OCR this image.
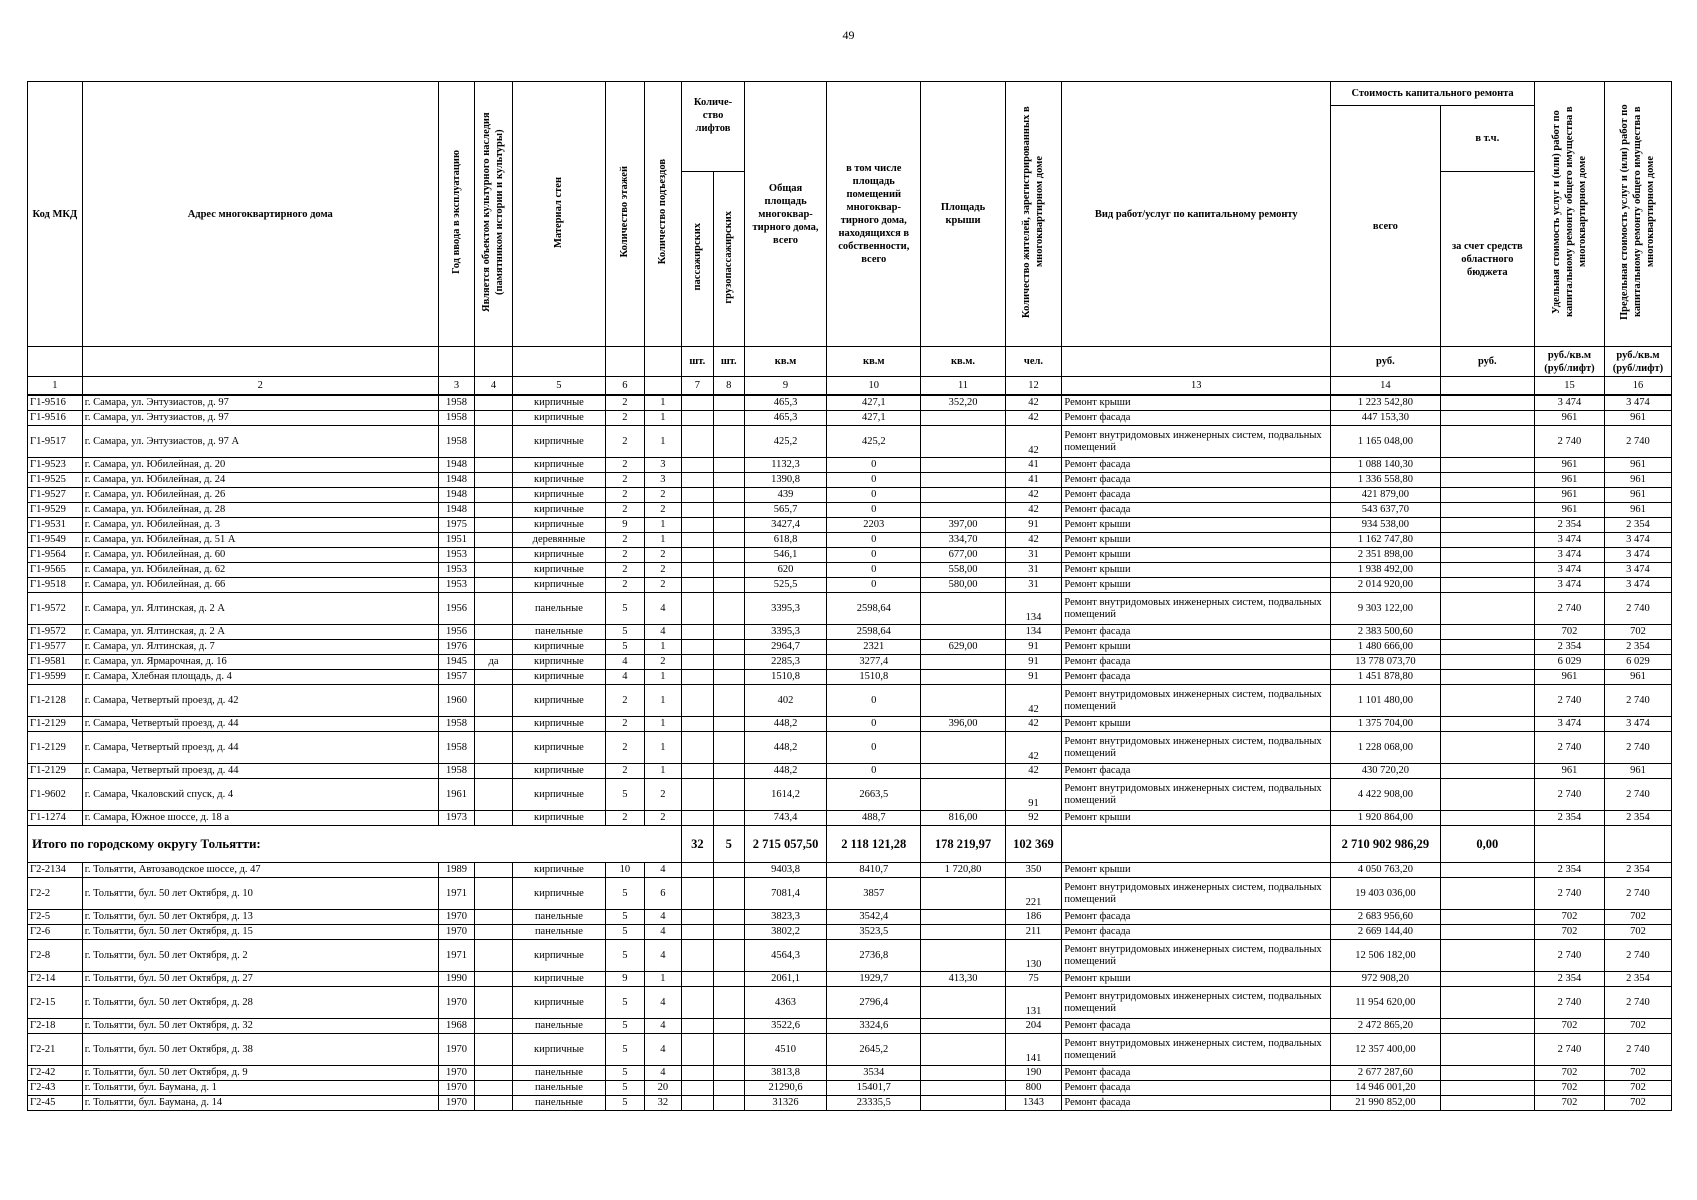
49
Код МКД	Адрес многоквартирного дома	Год ввода в эксплуатацию	Является объектом культурного наследия (памятником истории и культуры)	Материал стен	Количество этажей	Количество подъездов	Количе-ство лифтов		Общая площадь многоквар-тирного дома, всего	в том числе площадь помещений многоквар-тирного дома, находящихся в собственности, всего	Площадь крыши	Количество жителей, зарегистрированных в многоквартирном доме	Вид работ/услуг по капитальному ремонту	Стоимость капитального ремонта		Удельная стоимость услуг и (или) работ по капитальному ремонту общего имущества в многоквартирном доме	Предельная стоимость услуг и (или) работ по капитальному ремонту общего имущества в многоквартирном доме
														всего	в т.ч.		
							пассажирских	грузопассажирских							за счет средств областного бюджета		
							шт.	шт.	кв.м	кв.м	кв.м.	чел.		руб.	руб.	руб./кв.м (руб/лифт)	руб./кв.м (руб/лифт)
1	2	3	4	5	6		7	8	9	10	11	12	13	14		15	16
Г1-9516	г. Самара, ул. Энтузиастов, д. 97	1958		кирпичные	2	1			465,3	427,1	352,20	42	Ремонт крыши	1 223 542,80		3 474	3 474
Г1-9516	г. Самара, ул. Энтузиастов, д. 97	1958		кирпичные	2	1			465,3	427,1		42	Ремонт фасада	447 153,30		961	961
Г1-9517	г. Самара, ул. Энтузиастов, д. 97 А	1958		кирпичные	2	1			425,2	425,2		42	Ремонт внутридомовых инженерных систем, подвальных помещений	1 165 048,00		2 740	2 740
Г1-9523	г. Самара, ул. Юбилейная, д. 20	1948		кирпичные	2	3			1132,3	0		41	Ремонт фасада	1 088 140,30		961	961
Г1-9525	г. Самара, ул. Юбилейная, д. 24	1948		кирпичные	2	3			1390,8	0		41	Ремонт фасада	1 336 558,80		961	961
Г1-9527	г. Самара, ул. Юбилейная, д. 26	1948		кирпичные	2	2			439	0		42	Ремонт фасада	421 879,00		961	961
Г1-9529	г. Самара, ул. Юбилейная, д. 28	1948		кирпичные	2	2			565,7	0		42	Ремонт фасада	543 637,70		961	961
Г1-9531	г. Самара, ул. Юбилейная, д. 3	1975		кирпичные	9	1			3427,4	2203	397,00	91	Ремонт крыши	934 538,00		2 354	2 354
Г1-9549	г. Самара, ул. Юбилейная, д. 51 А	1951		деревянные	2	1			618,8	0	334,70	42	Ремонт крыши	1 162 747,80		3 474	3 474
Г1-9564	г. Самара, ул. Юбилейная, д. 60	1953		кирпичные	2	2			546,1	0	677,00	31	Ремонт крыши	2 351 898,00		3 474	3 474
Г1-9565	г. Самара, ул. Юбилейная, д. 62	1953		кирпичные	2	2			620	0	558,00	31	Ремонт крыши	1 938 492,00		3 474	3 474
Г1-9518	г. Самара, ул. Юбилейная, д. 66	1953		кирпичные	2	2			525,5	0	580,00	31	Ремонт крыши	2 014 920,00		3 474	3 474
Г1-9572	г. Самара, ул. Ялтинская, д. 2 А	1956		панельные	5	4			3395,3	2598,64		134	Ремонт внутридомовых инженерных систем, подвальных помещений	9 303 122,00		2 740	2 740
Г1-9572	г. Самара, ул. Ялтинская, д. 2 А	1956		панельные	5	4			3395,3	2598,64		134	Ремонт фасада	2 383 500,60		702	702
Г1-9577	г. Самара, ул. Ялтинская, д. 7	1976		кирпичные	5	1			2964,7	2321	629,00	91	Ремонт крыши	1 480 666,00		2 354	2 354
Г1-9581	г. Самара, ул. Ярмарочная, д. 16	1945	да	кирпичные	4	2			2285,3	3277,4		91	Ремонт фасада	13 778 073,70		6 029	6 029
Г1-9599	г. Самара, Хлебная площадь, д. 4	1957		кирпичные	4	1			1510,8	1510,8		91	Ремонт фасада	1 451 878,80		961	961
Г1-2128	г. Самара, Четвертый проезд, д. 42	1960		кирпичные	2	1			402	0		42	Ремонт внутридомовых инженерных систем, подвальных помещений	1 101 480,00		2 740	2 740
Г1-2129	г. Самара, Четвертый проезд, д. 44	1958		кирпичные	2	1			448,2	0	396,00	42	Ремонт крыши	1 375 704,00		3 474	3 474
Г1-2129	г. Самара, Четвертый проезд, д. 44	1958		кирпичные	2	1			448,2	0		42	Ремонт внутридомовых инженерных систем, подвальных помещений	1 228 068,00		2 740	2 740
Г1-2129	г. Самара, Четвертый проезд, д. 44	1958		кирпичные	2	1			448,2	0		42	Ремонт фасада	430 720,20		961	961
Г1-9602	г. Самара, Чкаловский спуск, д. 4	1961		кирпичные	5	2			1614,2	2663,5		91	Ремонт внутридомовых инженерных систем, подвальных помещений	4 422 908,00		2 740	2 740
Г1-1274	г. Самара, Южное шоссе, д. 18 а	1973		кирпичные	2	2			743,4	488,7	816,00	92	Ремонт крыши	1 920 864,00		2 354	2 354
Итого по городскому округу Тольятти:							32	5	2 715 057,50	2 118 121,28	178 219,97	102 369		2 710 902 986,29	0,00		
Г2-2134	г. Тольятти, Автозаводское шоссе, д. 47	1989		кирпичные	10	4			9403,8	8410,7	1 720,80	350	Ремонт крыши	4 050 763,20		2 354	2 354
Г2-2	г. Тольятти, бул. 50 лет Октября, д. 10	1971		кирпичные	5	6			7081,4	3857		221	Ремонт внутридомовых инженерных систем, подвальных помещений	19 403 036,00		2 740	2 740
Г2-5	г. Тольятти, бул. 50 лет Октября, д. 13	1970		панельные	5	4			3823,3	3542,4		186	Ремонт фасада	2 683 956,60		702	702
Г2-6	г. Тольятти, бул. 50 лет Октября, д. 15	1970		панельные	5	4			3802,2	3523,5		211	Ремонт фасада	2 669 144,40		702	702
Г2-8	г. Тольятти, бул. 50 лет Октября, д. 2	1971		кирпичные	5	4			4564,3	2736,8		130	Ремонт внутридомовых инженерных систем, подвальных помещений	12 506 182,00		2 740	2 740
Г2-14	г. Тольятти, бул. 50 лет Октября, д. 27	1990		кирпичные	9	1			2061,1	1929,7	413,30	75	Ремонт крыши	972 908,20		2 354	2 354
Г2-15	г. Тольятти, бул. 50 лет Октября, д. 28	1970		кирпичные	5	4			4363	2796,4		131	Ремонт внутридомовых инженерных систем, подвальных помещений	11 954 620,00		2 740	2 740
Г2-18	г. Тольятти, бул. 50 лет Октября, д. 32	1968		панельные	5	4			3522,6	3324,6		204	Ремонт фасада	2 472 865,20		702	702
Г2-21	г. Тольятти, бул. 50 лет Октября, д. 38	1970		кирпичные	5	4			4510	2645,2		141	Ремонт внутридомовых инженерных систем, подвальных помещений	12 357 400,00		2 740	2 740
Г2-42	г. Тольятти, бул. 50 лет Октября, д. 9	1970		панельные	5	4			3813,8	3534		190	Ремонт фасада	2 677 287,60		702	702
Г2-43	г. Тольятти, бул. Баумана, д. 1	1970		панельные	5	20			21290,6	15401,7		800	Ремонт фасада	14 946 001,20		702	702
Г2-45	г. Тольятти, бул. Баумана, д. 14	1970		панельные	5	32			31326	23335,5		1343	Ремонт фасада	21 990 852,00		702	702
